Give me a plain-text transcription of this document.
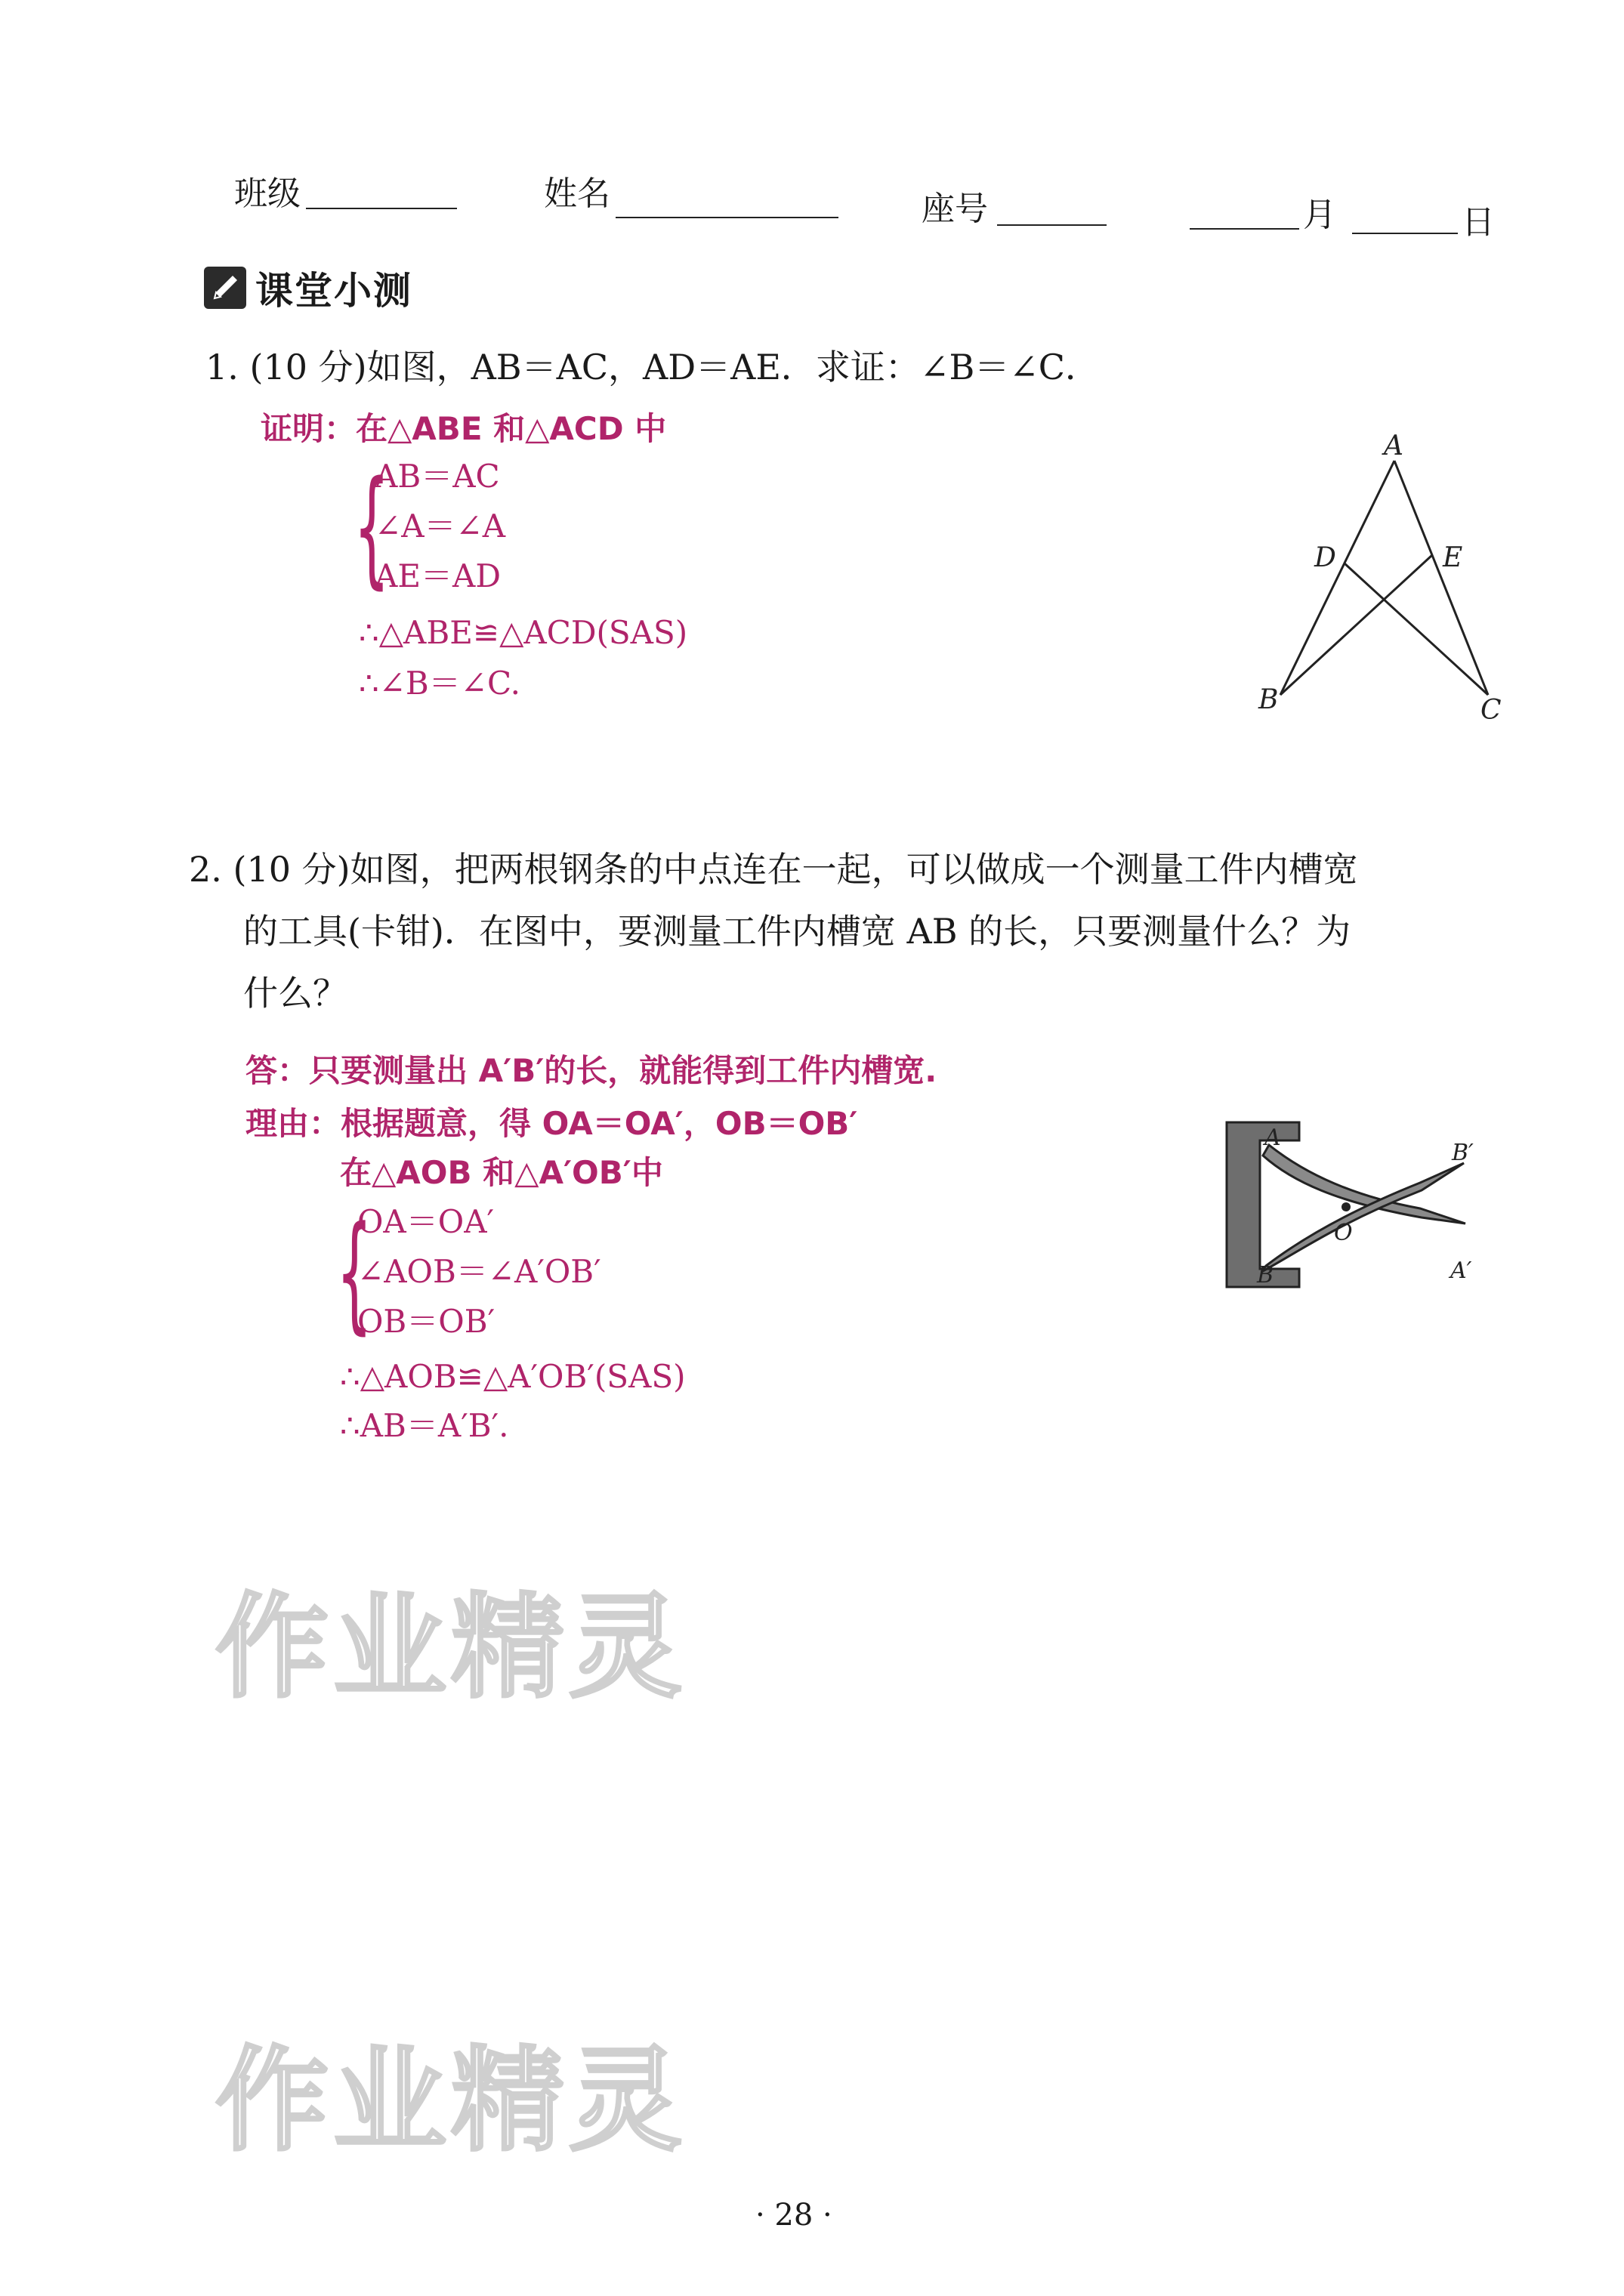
班级	姓名	座号	月	日
课堂小测
1. (10 分)如图，AB＝AC，AD＝AE．求证：∠B＝∠C．
证明：在△ABE 和△ACD 中
{
AB＝AC
∠A＝∠A
AE＝AD
∴△ABE≌△ACD(SAS)
∴∠B＝∠C.
A
D	E
B	C
2. (10 分)如图，把两根钢条的中点连在一起，可以做成一个测量工件内槽宽
的工具(卡钳)．在图中，要测量工件内槽宽 AB 的长，只要测量什么？为
什么？
答：只要测量出 A′B′的长，就能得到工件内槽宽.
理由：根据题意，得 OA＝OA′，OB＝OB′
在△AOB 和△A′OB′中
{
OA＝OA′
∠AOB＝∠A′OB′
OB＝OB′
∴△AOB≌△A′OB′(SAS)
∴AB＝A′B′.
A
B
O
B′
A′
作业精灵
作业精灵
· 28 ·
